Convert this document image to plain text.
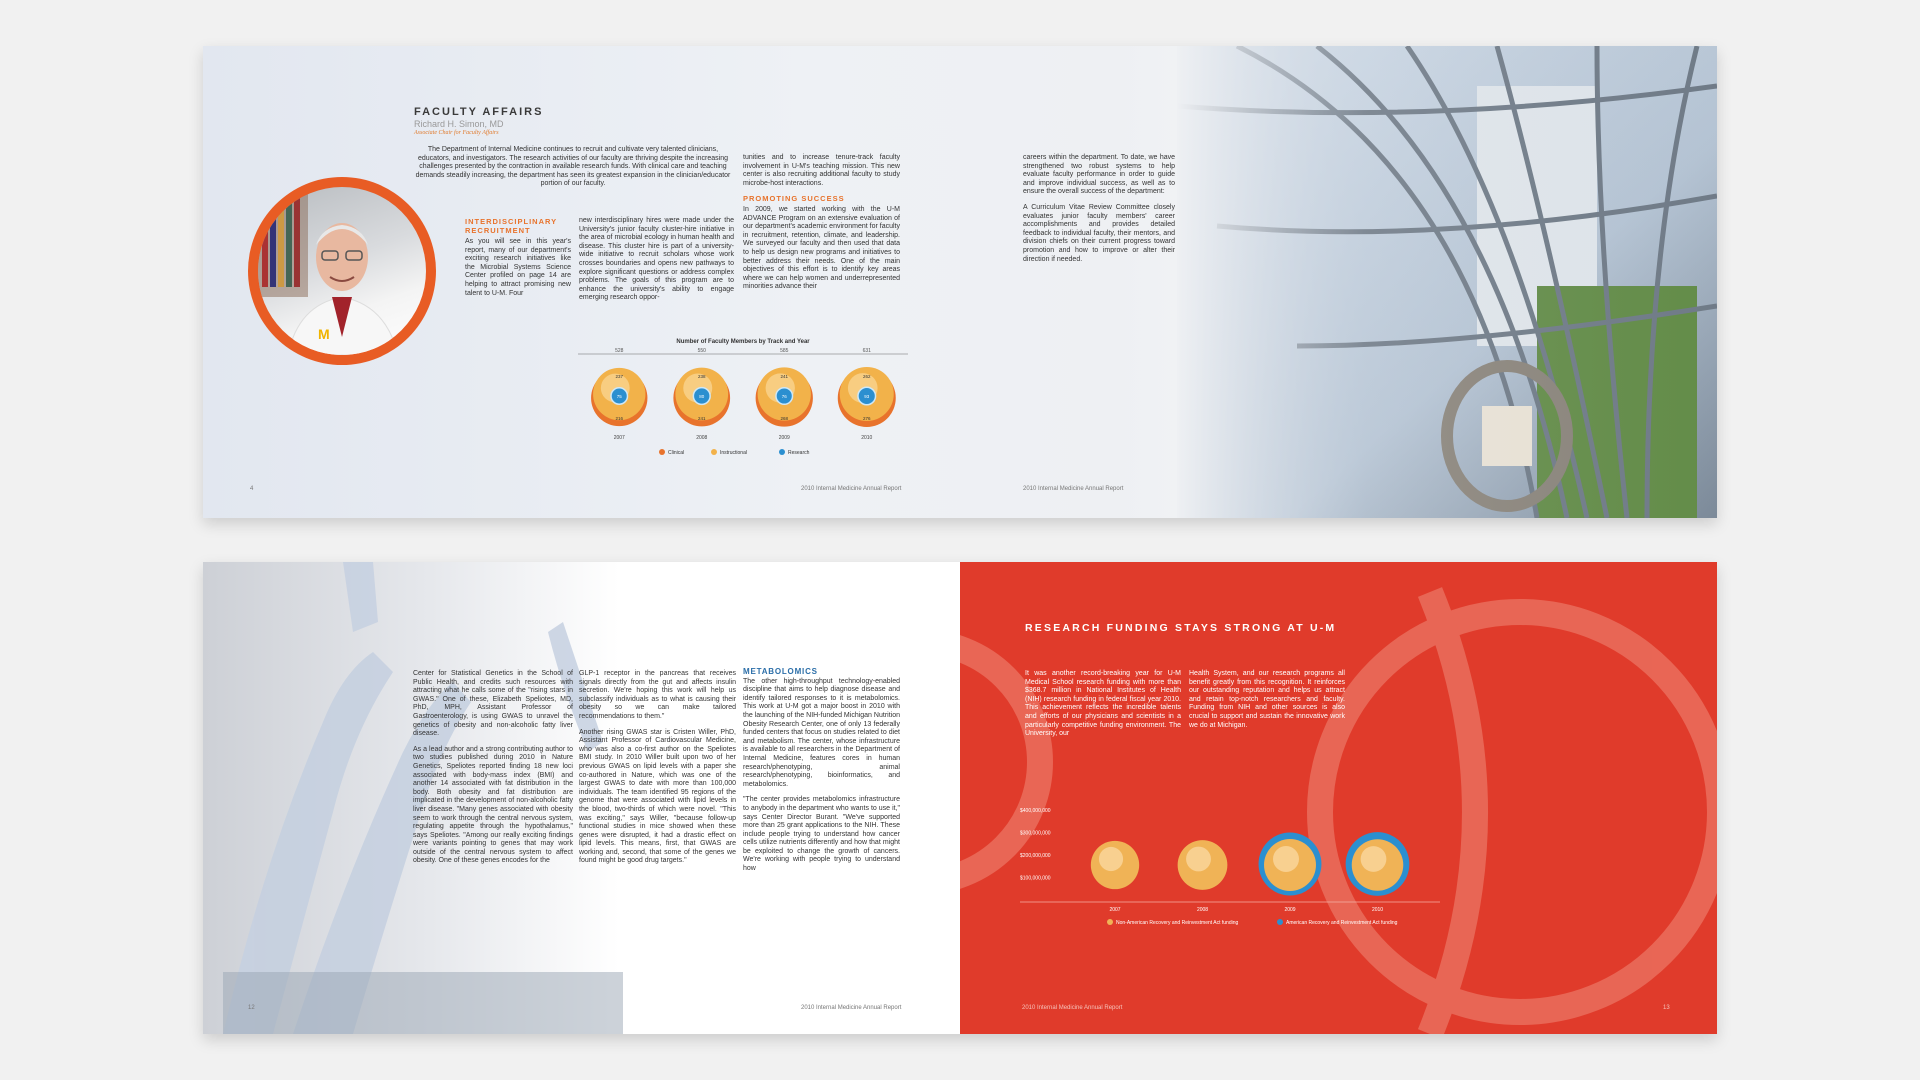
FACULTY AFFAIRS
Richard H. Simon, MD
Associate Chair for Faculty Affairs
M
The Department of Internal Medicine continues to recruit and cultivate very talented clinicians, educators, and investigators. The research activities of our faculty are thriving despite the increasing challenges presented by the contraction in available research funds. With clinical care and teaching demands steadily increasing, the department has seen its greatest expansion in the clinician/educator portion of our faculty.
INTERDISCIPLINARY RECRUITMENT

As you will see in this year's report, many of our department's exciting research initiatives like the Microbial Systems Science Center profiled on page 14 are helping to attract promising new talent to U-M. Four

new interdisciplinary hires were made under the University's junior faculty cluster-hire initiative in the area of microbial ecology in human health and disease. This cluster hire is part of a university-wide initiative to recruit scholars whose work crosses boundaries and opens new pathways to explore significant questions or address complex problems. The goals of this program are to enhance the university's ability to engage emerging research oppor-

tunities and to increase tenure-track faculty involvement in U-M's teaching mission. This new center is also recruiting additional faculty to study microbe-host interactions.

PROMOTING SUCCESS

In 2009, we started working with the U-M ADVANCE Program on an extensive evaluation of our department's academic environment for faculty in recruitment, retention, climate, and leadership. We surveyed our faculty and then used that data to help us design new programs and initiatives to better address their needs. One of the main objectives of this effort is to identify key areas where we can help women and underrepresented minorities advance their

careers within the department. To date, we have strengthened two robust systems to help evaluate faculty performance in order to guide and improve individual success, as well as to ensure the overall success of the department:

A Curriculum Vitae Review Committee closely evaluates junior faculty members' career accomplishments and provides detailed feedback to individual faculty, their mentors, and division chiefs on their current progress toward promotion and how to improve or alter their direction if needed.

Number of Faculty Members by Track and Year
528
75
237
216
2007
550
80
238
241
2008
585
76
241
268
2009
631
93
262
276
2010
Clinical	Instructional	Research
4	2010 Internal Medicine Annual Report	2010 Internal Medicine Annual Report

Center for Statistical Genetics in the School of Public Health, and credits such resources with attracting what he calls some of the "rising stars in GWAS." One of these, Elizabeth Speliotes, MD, PhD, MPH, Assistant Professor of Gastroenterology, is using GWAS to unravel the genetics of obesity and non-alcoholic fatty liver disease.

As a lead author and a strong contributing author to two studies published during 2010 in Nature Genetics, Speliotes reported finding 18 new loci associated with body-mass index (BMI) and another 14 associated with fat distribution in the body. Both obesity and fat distribution are implicated in the development of non-alcoholic fatty liver disease. "Many genes associated with obesity seem to work through the central nervous system, regulating appetite through the hypothalamus," says Speliotes. "Among our really exciting findings were variants pointing to genes that may work outside of the central nervous system to affect obesity. One of these genes encodes for the

GLP-1 receptor in the pancreas that receives signals directly from the gut and affects insulin secretion. We're hoping this work will help us subclassify individuals as to what is causing their obesity so we can make tailored recommendations to them."

Another rising GWAS star is Cristen Willer, PhD, Assistant Professor of Cardiovascular Medicine, who was also a co-first author on the Speliotes BMI study. In 2010 Willer built upon two of her previous GWAS on lipid levels with a paper she co-authored in Nature, which was one of the largest GWAS to date with more than 100,000 individuals. The team identified 95 regions of the genome that were associated with lipid levels in the blood, two-thirds of which were novel. "This was exciting," says Willer, "because follow-up functional studies in mice showed when these genes were disrupted, it had a drastic effect on lipid levels. This means, first, that GWAS are working and, second, that some of the genes we found might be good drug targets."

METABOLOMICS

The other high-throughput technology-enabled discipline that aims to help diagnose disease and identify tailored responses to it is metabolomics. This work at U-M got a major boost in 2010 with the launching of the NIH-funded Michigan Nutrition Obesity Research Center, one of only 13 federally funded centers that focus on studies related to diet and metabolism. The center, whose infrastructure is available to all researchers in the Department of Internal Medicine, features cores in human research/phenotyping, animal research/phenotyping, bioinformatics, and metabolomics.

"The center provides metabolomics infrastructure to anybody in the department who wants to use it," says Center Director Burant. "We've supported more than 25 grant applications to the NIH. These include people trying to understand how cancer cells utilize nutrients differently and how that might be exploited to change the growth of cancers. We're working with people trying to understand how

12	2010 Internal Medicine Annual Report
RESEARCH FUNDING STAYS STRONG AT U-M

It was another record-breaking year for U-M Medical School research funding with more than $368.7 million in National Institutes of Health (NIH) research funding in federal fiscal year 2010. This achievement reflects the incredible talents and efforts of our physicians and scientists in a particularly competitive funding environment. The University, our

Health System, and our research programs all benefit greatly from this recognition. It reinforces our outstanding reputation and helps us attract and retain top-notch researchers and faculty. Funding from NIH and other sources is also crucial to support and sustain the innovative work we do at Michigan.

$100,000,000
$200,000,000
$300,000,000
$400,000,000
2007	2008	2009	2010
Non-American Recovery and Reinvestment Act funding	American Recovery and Reinvestment Act funding
2010 Internal Medicine Annual Report	13
